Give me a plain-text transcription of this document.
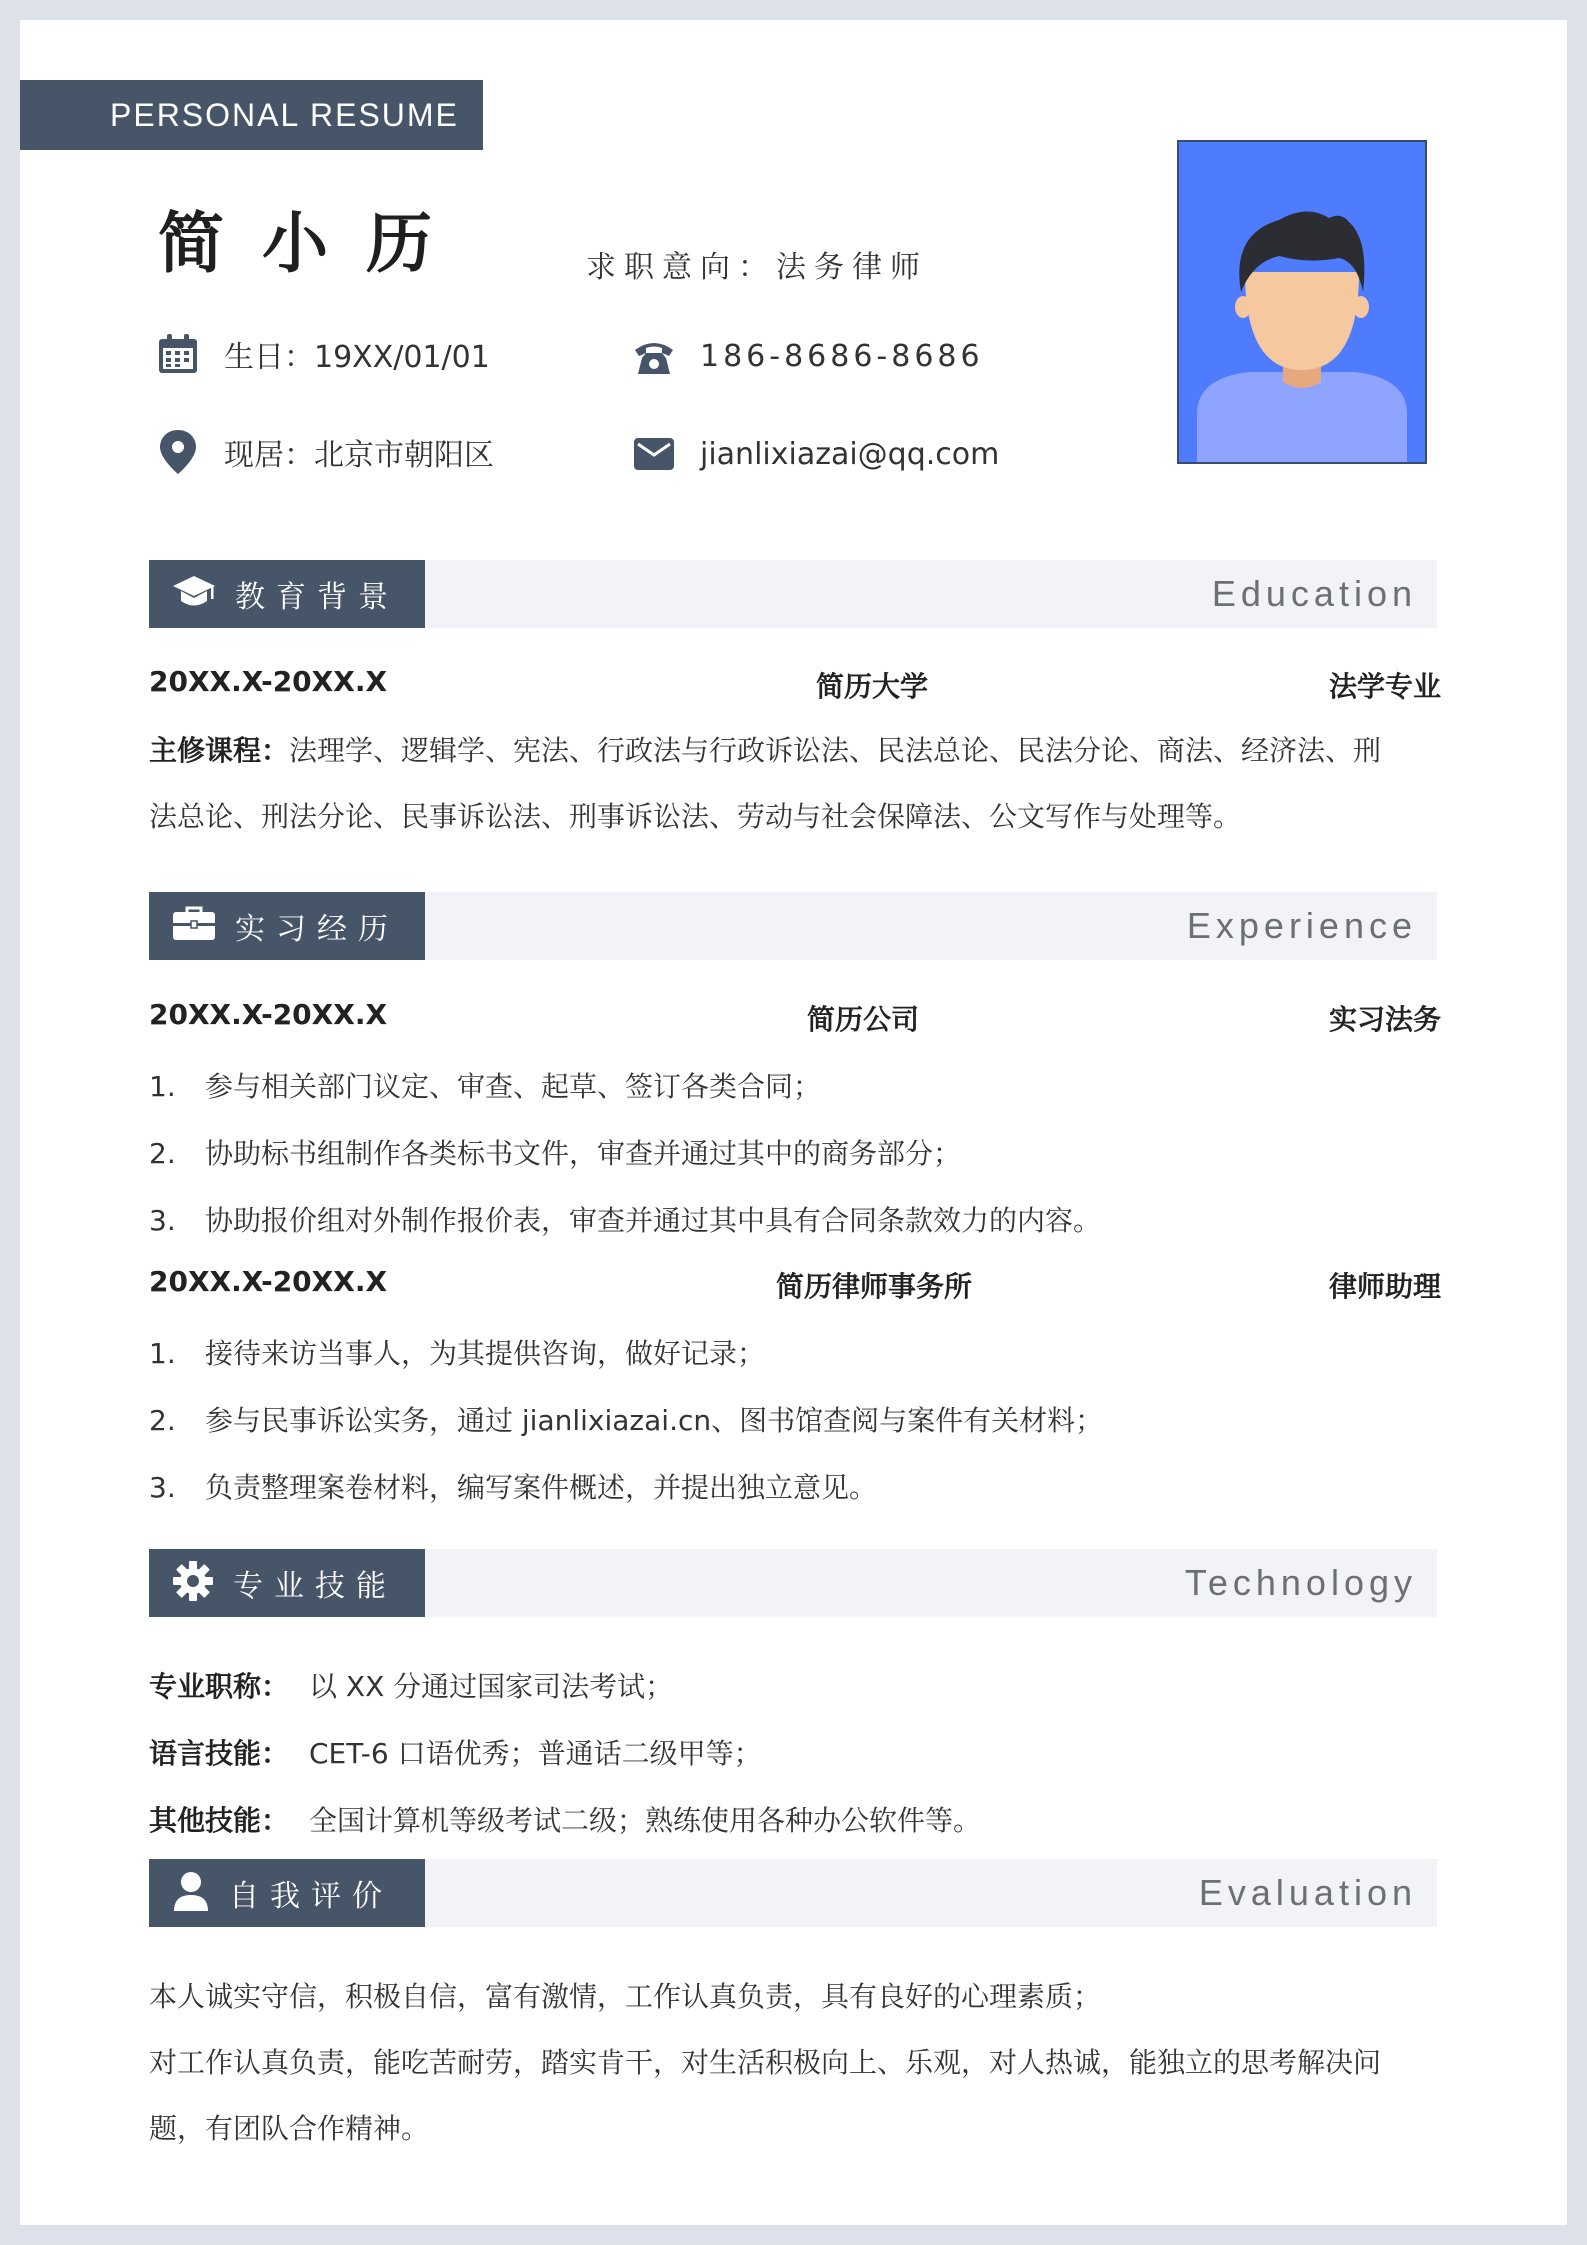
PERSONAL RESUME
简小历	求职意向：法务律师
生日：19XX/01/01	186-8686-8686
现居：北京市朝阳区	jianlixiazai@qq.com
教育背景	Education
20XX.X-20XX.X	简历大学	法学专业
主修课程：法理学、逻辑学、宪法、行政法与行政诉讼法、民法总论、民法分论、商法、经济法、刑
法总论、刑法分论、民事诉讼法、刑事诉讼法、劳动与社会保障法、公文写作与处理等。
实习经历	Experience
20XX.X-20XX.X	简历公司	实习法务
1. 参与相关部门议定、审查、起草、签订各类合同；
2. 协助标书组制作各类标书文件，审查并通过其中的商务部分；
3. 协助报价组对外制作报价表，审查并通过其中具有合同条款效力的内容。
20XX.X-20XX.X	简历律师事务所	律师助理
1. 接待来访当事人，为其提供咨询，做好记录；
2. 参与民事诉讼实务，通过 jianlixiazai.cn、图书馆查阅与案件有关材料；
3. 负责整理案卷材料，编写案件概述，并提出独立意见。
专业技能	Technology
专业职称： 以 XX 分通过国家司法考试；
语言技能： CET-6 口语优秀；普通话二级甲等；
其他技能： 全国计算机等级考试二级；熟练使用各种办公软件等。
自我评价	Evaluation
本人诚实守信，积极自信，富有激情，工作认真负责，具有良好的心理素质；
对工作认真负责，能吃苦耐劳，踏实肯干，对生活积极向上、乐观，对人热诚，能独立的思考解决问
题，有团队合作精神。
